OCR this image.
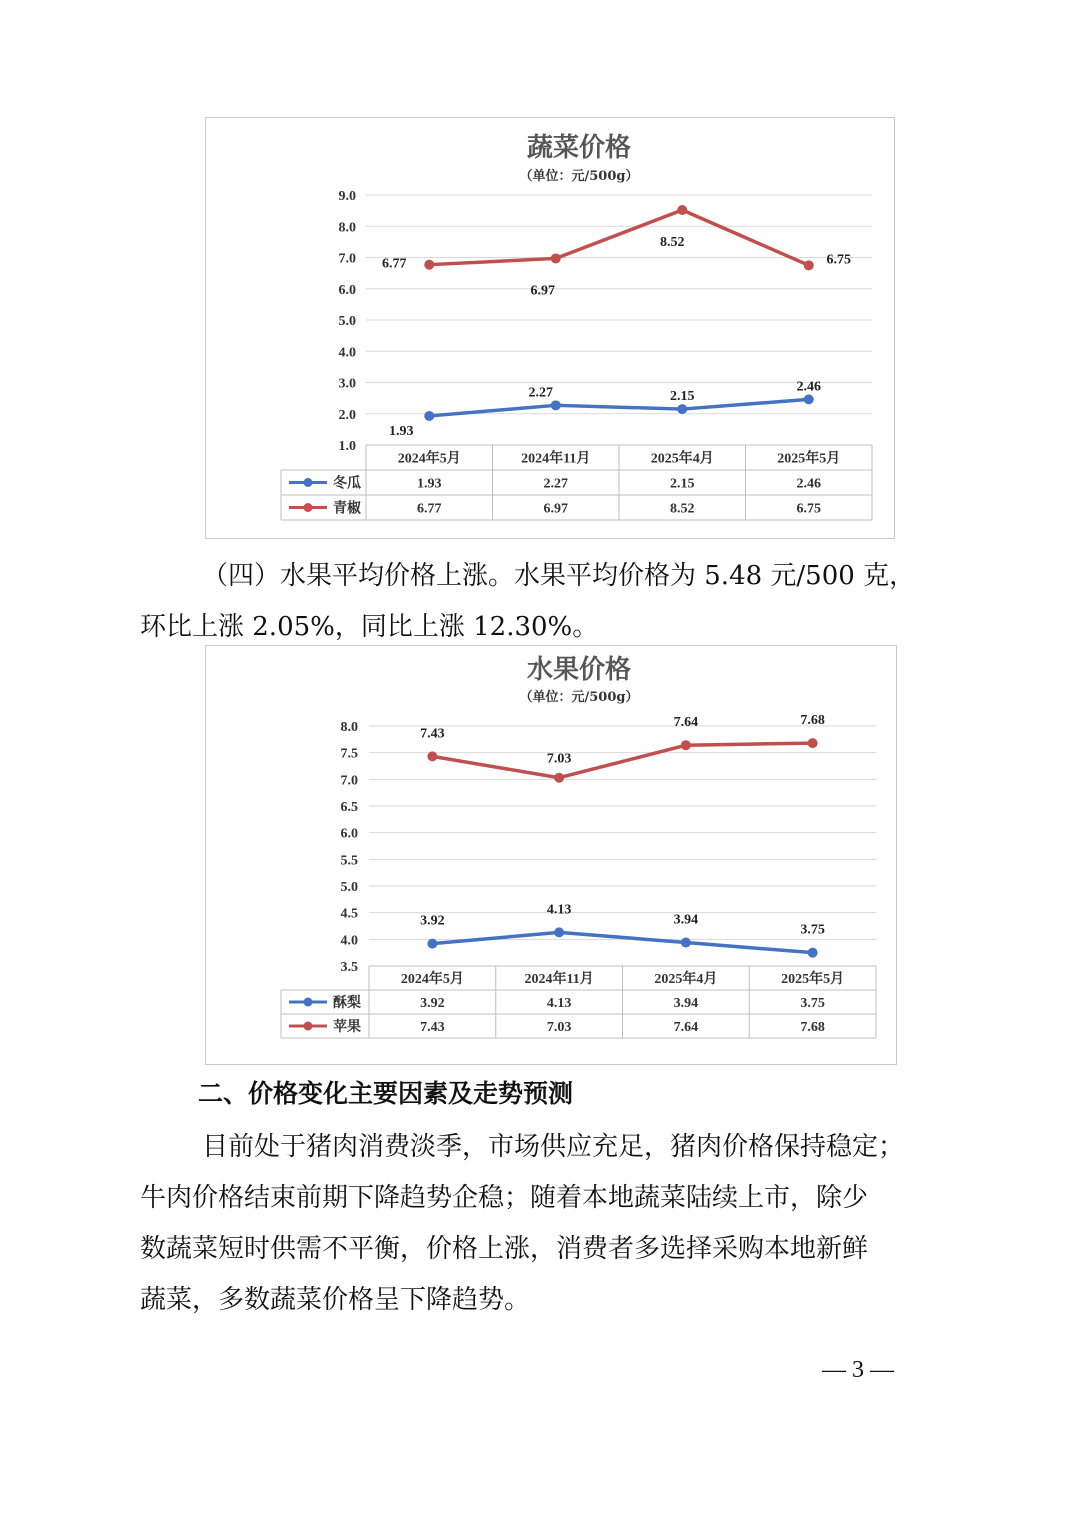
蔬菜价格
（单位：元/500g）
9.0
8.0
7.0
6.0
5.0
4.0
3.0
2.0
1.0
2024年5月	2024年11月	2025年4月	2025年5月
冬瓜	1.93	2.27	2.15	2.46
青椒	6.77	6.97	8.52	6.75
1.93
2.27	2.15
2.46
6.77
6.97
8.52
6.75

（四）水果平均价格上涨。水果平均价格为 5.48 元/500 克，
环比上涨 2.05%，同比上涨 12.30%。

水果价格
（单位：元/500g）
8.0
7.5
7.0
6.5
6.0
5.5
5.0
4.5
4.0
3.5
2024年5月	2024年11月	2025年4月	2025年5月
酥梨	3.92	4.13	3.94	3.75
苹果	7.43	7.03	7.64	7.68
3.92
4.13
3.94
3.75
7.43
7.03
7.64	7.68
二、价格变化主要因素及走势预测

目前处于猪肉消费淡季，市场供应充足，猪肉价格保持稳定；
牛肉价格结束前期下降趋势企稳；随着本地蔬菜陆续上市，除少
数蔬菜短时供需不平衡，价格上涨，消费者多选择采购本地新鲜
蔬菜，多数蔬菜价格呈下降趋势。

— 3 —
